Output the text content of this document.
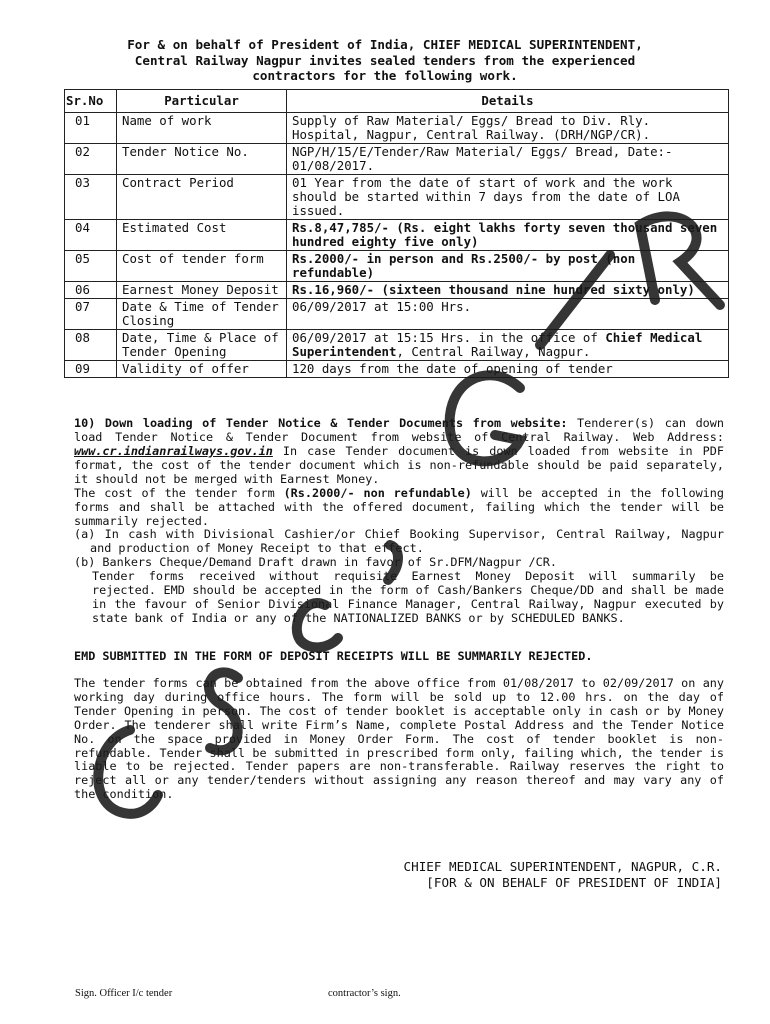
For & on behalf of President of India, CHIEF MEDICAL SUPERINTENDENT,
Central Railway Nagpur invites sealed tenders from the experienced
contractors for the following work.
Sr.No	Particular	Details
01	Name of work	Supply of Raw Material/ Eggs/ Bread to Div. Rly. Hospital, Nagpur, Central Railway. (DRH/NGP/CR).
02	Tender Notice No.	NGP/H/15/E/Tender/Raw Material/ Eggs/ Bread, Date:- 01/08/2017.
03	Contract Period	01 Year from the date of start of work and the work should be started within 7 days from the date of LOA issued.
04	Estimated Cost	Rs.8,47,785/- (Rs. eight lakhs forty seven thousand seven hundred eighty five only)
05	Cost of tender form	Rs.2000/- in person and Rs.2500/- by post (non refundable)
06	Earnest Money Deposit	Rs.16,960/- (sixteen thousand nine hundred sixty only)
07	Date & Time of Tender Closing	06/09/2017 at 15:00 Hrs.
08	Date, Time & Place of Tender Opening	06/09/2017 at 15:15 Hrs. in the office of Chief Medical Superintendent, Central Railway, Nagpur.
09	Validity of offer	120 days from the date of opening of tender
10) Down loading of Tender Notice & Tender Documents from website: Tenderer(s) can down load Tender Notice & Tender Document from website of Central Railway. Web Address: www.cr.indianrailways.gov.in In case Tender document is down loaded from website in PDF format, the cost of the tender document which is non-refundable should be paid separately, it should not be merged with Earnest Money.
The cost of the tender form (Rs.2000/- non refundable) will be accepted in the following forms and shall be attached with the offered document, failing which the tender will be summarily rejected.
(a) In cash with Divisional Cashier/or Chief Booking Supervisor, Central Railway, Nagpur and production of Money Receipt to that effect.
(b) Bankers Cheque/Demand Draft drawn in favor of Sr.DFM/Nagpur /CR.
Tender forms received without requisite Earnest Money Deposit will summarily be rejected. EMD should be accepted in the form of Cash/Bankers Cheque/DD and shall be made in the favour of Senior Divisional Finance Manager, Central Railway, Nagpur executed by state bank of India or any of the NATIONALIZED BANKS or by SCHEDULED BANKS.
EMD SUBMITTED IN THE FORM OF DEPOSIT RECEIPTS WILL BE SUMMARILY REJECTED.
The tender forms can be obtained from the above office from 01/08/2017 to 02/09/2017 on any working day during office hours. The form will be sold up to 12.00 hrs. on the day of Tender Opening in person. The cost of tender booklet is acceptable only in cash or by Money Order. The tenderer shall write Firm’s Name, complete Postal Address and the Tender Notice No. on the space provided in Money Order Form. The cost of tender booklet is non-refundable. Tender shall be submitted in prescribed form only, failing which, the tender is liable to be rejected. Tender papers are non-transferable. Railway reserves the right to reject all or any tender/tenders without assigning any reason thereof and may vary any of the condition.
CHIEF MEDICAL SUPERINTENDENT, NAGPUR, C.R.
[FOR & ON BEHALF OF PRESIDENT OF INDIA]
Sign. Officer I/c tender	contractor’s sign.
